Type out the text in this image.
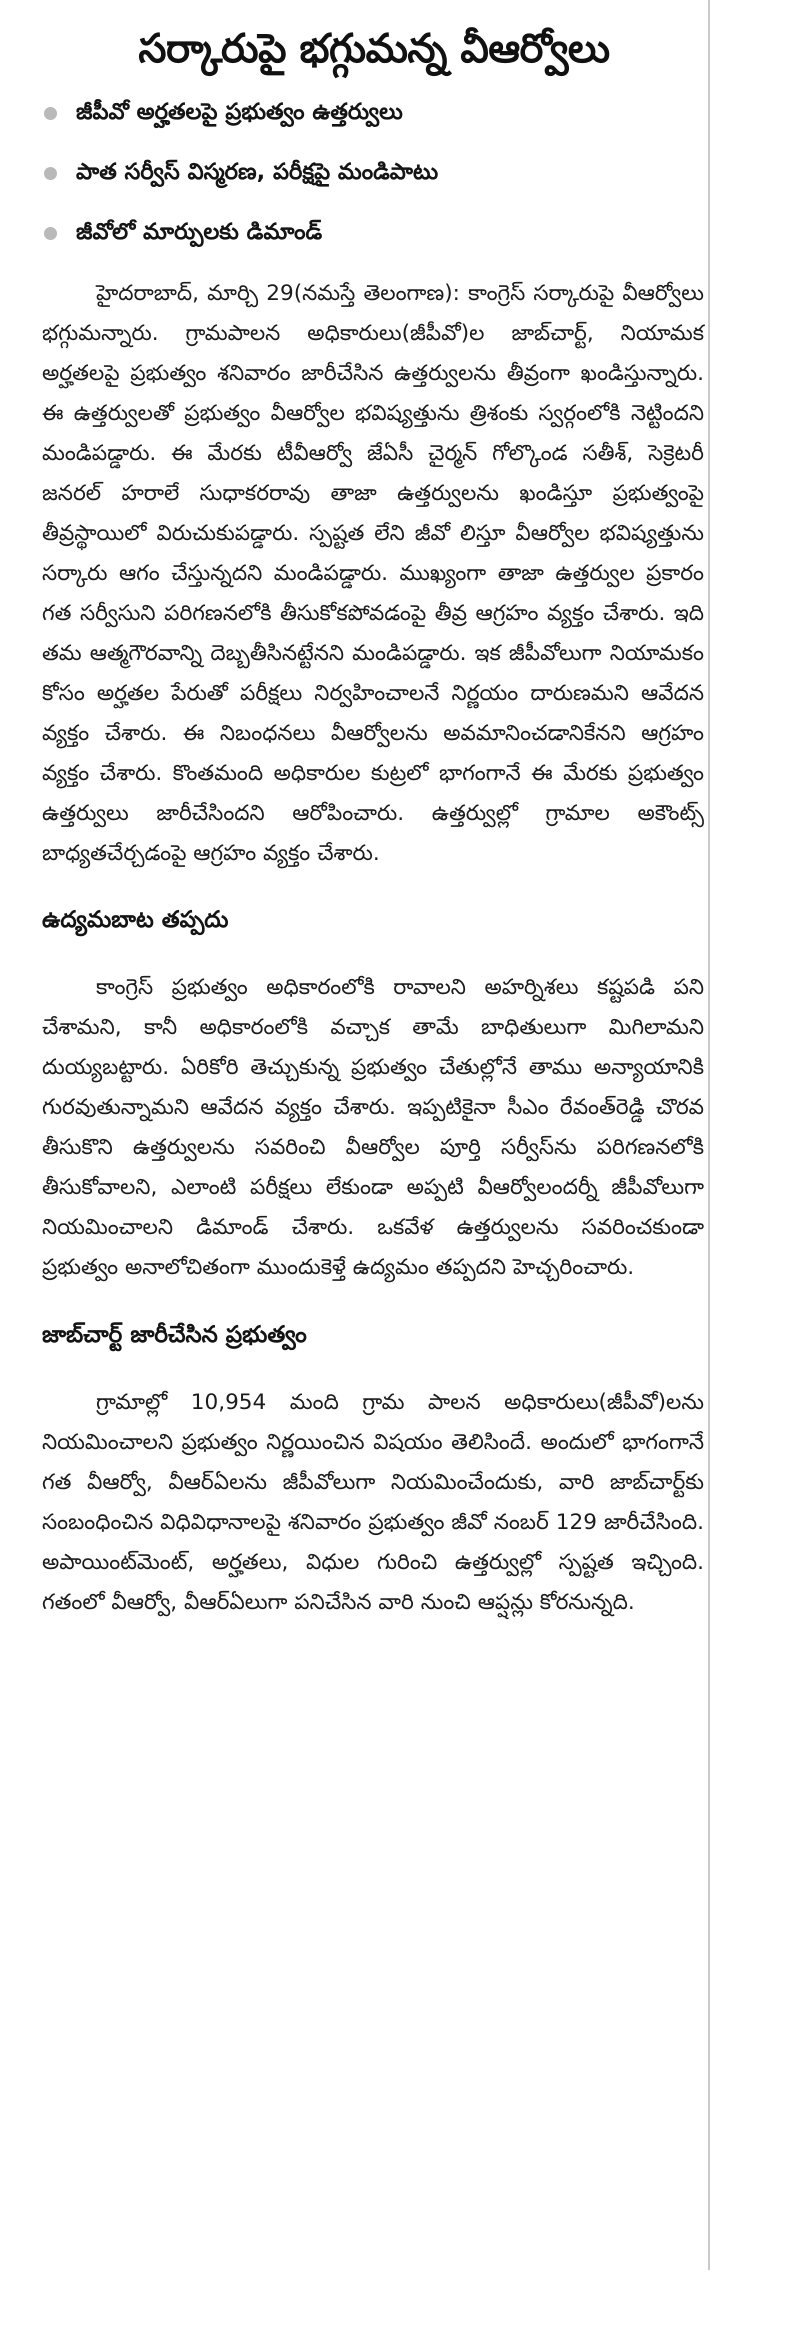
సర్కారుపై భగ్గుమన్న వీఆర్వోలు
జీపీవో అర్హతలపై ప్రభుత్వం ఉత్తర్వులు
పాత సర్వీస్ విస్మరణ, పరీక్షపై మండిపాటు
జీవోలో మార్పులకు డిమాండ్

హైదరాబాద్, మార్చి 29(నమస్తే తెలంగాణ): కాంగ్రెస్ సర్కారుపై వీఆర్వోలు భగ్గుమన్నారు. గ్రామపాలన అధికారులు(జీపీవో)ల జాబ్‌చార్ట్, నియామక అర్హతలపై ప్రభుత్వం శనివారం జారీచేసిన ఉత్తర్వులను తీవ్రంగా ఖండిస్తున్నారు. ఈ ఉత్తర్వులతో ప్రభుత్వం వీఆర్వోల భవిష్యత్తును త్రిశంకు స్వర్గంలోకి నెట్టిందని మండిపడ్డారు. ఈ మేరకు టీవీఆర్వో జేఏసీ చైర్మన్ గోల్కొండ సతీశ్, సెక్రెటరీ జనరల్ హరాలే సుధాకరరావు తాజా ఉత్తర్వులను ఖండిస్తూ ప్రభుత్వంపై తీవ్రస్థాయిలో విరుచుకుపడ్డారు. స్పష్టత లేని జీవో లిస్తూ వీఆర్వోల భవిష్యత్తును సర్కారు ఆగం చేస్తున్నదని మండిపడ్డారు. ముఖ్యంగా తాజా ఉత్తర్వుల ప్రకారం గత సర్వీసుని పరిగణనలోకి తీసుకోకపోవడంపై తీవ్ర ఆగ్రహం వ్యక్తం చేశారు. ఇది తమ ఆత్మగౌరవాన్ని దెబ్బతీసినట్టేనని మండిపడ్డారు. ఇక జీపీవోలుగా నియామకం కోసం అర్హతల పేరుతో పరీక్షలు నిర్వహించాలనే నిర్ణయం దారుణమని ఆవేదన వ్యక్తం చేశారు. ఈ నిబంధనలు వీఆర్వోలను అవమానించడానికేనని ఆగ్రహం వ్యక్తం చేశారు. కొంతమంది అధికారుల కుట్రలో భాగంగానే ఈ మేరకు ప్రభుత్వం ఉత్తర్వులు జారీచేసిందని ఆరోపించారు. ఉత్తర్వుల్లో గ్రామాల అకౌంట్స్ బాధ్యతచేర్చడంపై ఆగ్రహం వ్యక్తం చేశారు.

ఉద్యమబాట తప్పదు

కాంగ్రెస్ ప్రభుత్వం అధికారంలోకి రావాలని అహర్నిశలు కష్టపడి పని చేశామని, కానీ అధికారంలోకి వచ్చాక తామే బాధితులుగా మిగిలామని దుయ్యబట్టారు. ఏరికోరి తెచ్చుకున్న ప్రభుత్వం చేతుల్లోనే తాము అన్యాయానికి గురవుతున్నామని ఆవేదన వ్యక్తం చేశారు. ఇప్పటికైనా సీఎం రేవంత్‌రెడ్డి చొరవ తీసుకొని ఉత్తర్వులను సవరించి వీఆర్వోల పూర్తి సర్వీస్‌ను పరిగణనలోకి తీసుకోవాలని, ఎలాంటి పరీక్షలు లేకుండా అప్పటి వీఆర్వోలందర్నీ జీపీవోలుగా నియమించాలని డిమాండ్ చేశారు. ఒకవేళ ఉత్తర్వులను సవరించకుండా ప్రభుత్వం అనాలోచితంగా ముందుకెళ్తే ఉద్యమం తప్పదని హెచ్చరించారు.

జాబ్‌చార్ట్ జారీచేసిన ప్రభుత్వం

గ్రామాల్లో 10,954 మంది గ్రామ పాలన అధికారులు(జీపీవో)లను నియమించాలని ప్రభుత్వం నిర్ణయించిన విషయం తెలిసిందే. అందులో భాగంగానే గత వీఆర్వో, వీఆర్ఏలను జీపీవోలుగా నియమించేందుకు, వారి జాబ్‌చార్ట్‌కు సంబంధించిన విధివిధానాలపై శనివారం ప్రభుత్వం జీవో నంబర్ 129 జారీచేసింది. అపాయింట్‌మెంట్, అర్హతలు, విధుల గురించి ఉత్తర్వుల్లో స్పష్టత ఇచ్చింది. గతంలో వీఆర్వో, వీఆర్ఏలుగా పనిచేసిన వారి నుంచి ఆప్షన్లు కోరనున్నది.
